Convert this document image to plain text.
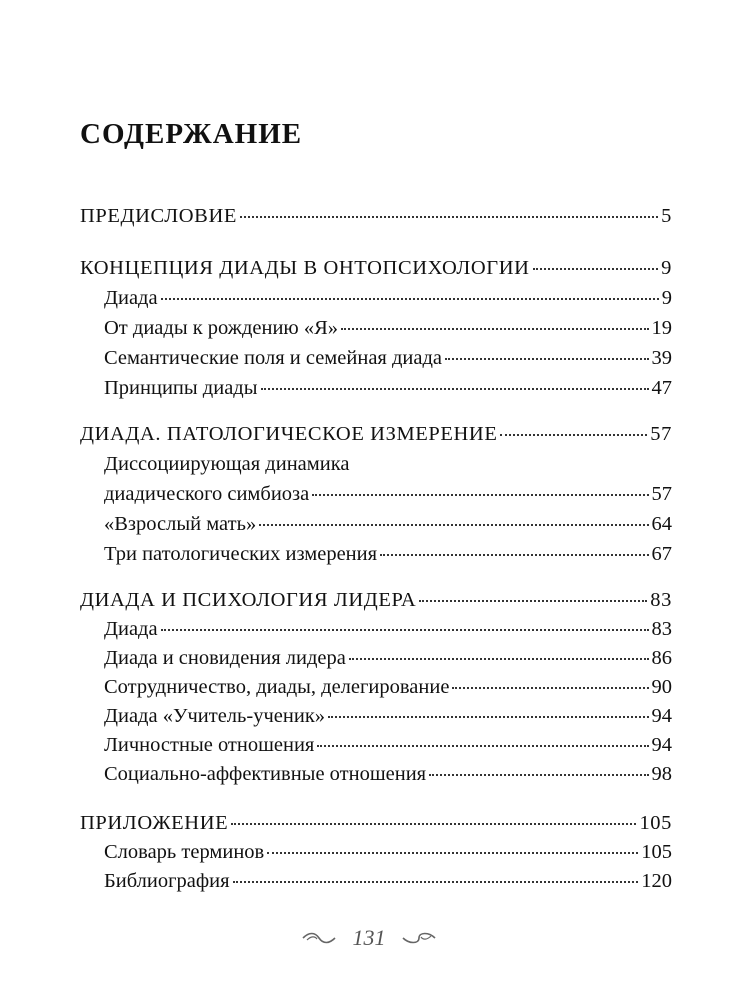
СОДЕРЖАНИЕ
ПРЕДИСЛОВИЕ	5
КОНЦЕПЦИЯ ДИАДЫ В ОНТОПСИХОЛОГИИ	9
Диада	9
От диады к рождению «Я»	19
Семантические поля и семейная диада	39
Принципы диады	47
ДИАДА. ПАТОЛОГИЧЕСКОЕ ИЗМЕРЕНИЕ	57
Диссоциирующая динамика
диадического симбиоза	57
«Взрослый мать»	64
Три патологических измерения	67
ДИАДА И ПСИХОЛОГИЯ ЛИДЕРА	83
Диада	83
Диада и сновидения лидера	86
Сотрудничество, диады, делегирование	90
Диада «Учитель-ученик»	94
Личностные отношения	94
Социально-аффективные отношения	98
ПРИЛОЖЕНИЕ	105
Словарь терминов	105
Библиография	120
131
